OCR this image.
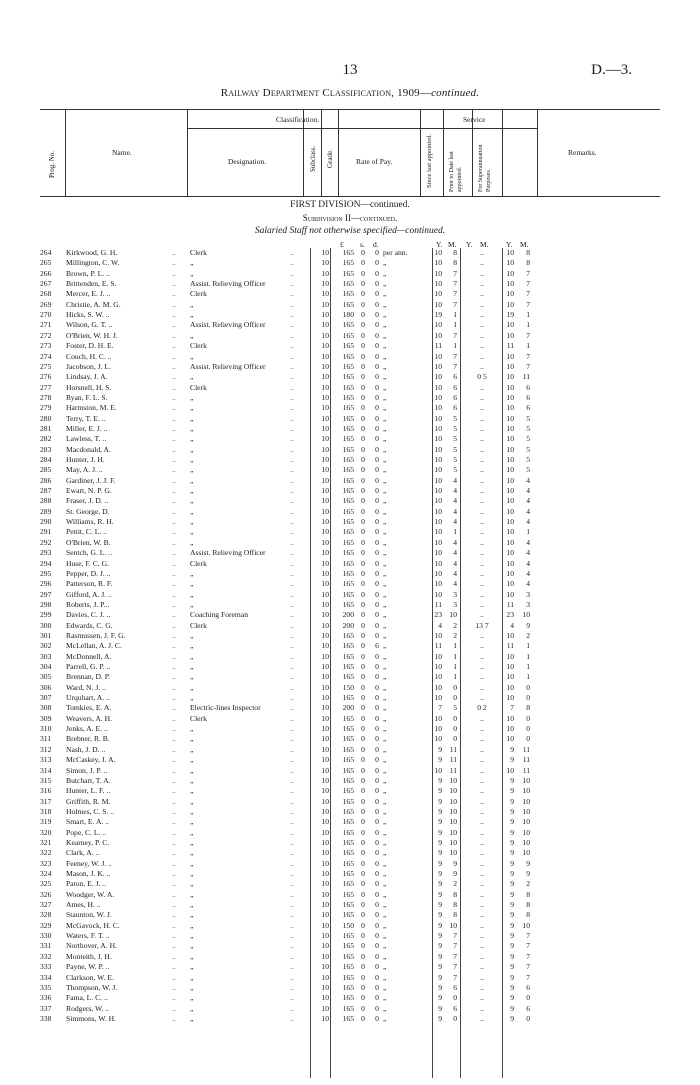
13	D.—3.
Railway Department Classification, 1909—continued.
Prog. No.	Name.
Classification.
Designation.	Subclass. Grade.	Rate of Pay.
Service
Since last appointed.	Prior to Date last appointed.	For Superannuation Purposes.
Remarks.
FIRST DIVISION—continued.
Subdivision II—continued.
Salaried Staff not otherwise specified—continued.
£ s. d.	Y. M. Y. M. Y. M.
264	Kirkwood, G. H.	Clerk	10	165 0	0 per ann.	10	8	..	10	8
..	..
265	Millington, C. W.	„	10	165 0	0 „	10	8	..	10	8
..	..
266	Brown, P. L. ..	„	10	165 0	0 „	10	7	..	10	7
..	..
267	Brittenden, E. S.	Assist. Relieving Officer	10	165 0	0 „	10	7	..	10	7
..	..
268	Mercer, E. J. ..	Clerk	10	165 0	0 „	10	7	..	10	7
..	..
269	Christie, A. M. G.	„	10	165 0	0 „	10	7	..	10	7
..	..
270	Hicks, S. W. ..	„	10	180 0	0 „	19	1	..	19	1
..	..
271	Wilson, G. T. ..	Assist. Relieving Officer	10	165 0	0 „	10	1	..	10	1
..	..
272	O'Brien, W. H. J.	„	10	165 0	0 „	10	7	..	10	7
..	..
273	Foster, D. H. E.	Clerk	10	165 0	0 „	11	1	..	11	1
..	..
274	Couch, H. C. ..	„	10	165 0	0 „	10	7	..	10	7
..	..
275	Jacobson, J. L.	Assist. Relieving Officer	10	165 0	0 „	10	7	..	10	7
..	..
276	Lindsay, J. A.	„	10	165 0	0 „	10	6	0 5	10	11
..	..
277	Horsnell, H. S.	Clerk	10	165 0	0 „	10	6	..	10	6
..	..
278	Ryan, F. L. S.	„	10	165 0	0 „	10	6	..	10	6
..	..
279	Harmston, M. E.	„	10	165 0	0 „	10	6	..	10	6
..	..
280	Terry, T. E. ..	„	10	165 0	0 „	10	5	..	10	5
..	..
281	Miller, E. J. ..	„	10	165 0	0 „	10	5	..	10	5
..	..
282	Lawless, T. ..	„	10	165 0	0 „	10	5	..	10	5
..	..
283	Macdonald, A.	„	10	165 0	0 „	10	5	..	10	5
..	..
284	Hunter, J. H.	„	10	165 0	0 „	10	5	..	10	5
..	..
285	May, A. J. ..	„	10	165 0	0 „	10	5	..	10	5
..	..
286	Gardiner, J. J. F.	„	10	165 0	0 „	10	4	..	10	4
..	..
287	Ewart, N. P. G.	„	10	165 0	0 „	10	4	..	10	4
..	..
288	Fraser, J. D. ..	„	10	165 0	0 „	10	4	..	10	4
..	..
289	St. George, D.	„	10	165 0	0 „	10	4	..	10	4
..	..
290	Williams, R. H.	„	10	165 0	0 „	10	4	..	10	4
..	..
291	Pettit, C. L. ..	„	10	165 0	0 „	10	1	..	10	1
..	..
292	O'Brien, W. B.	„	10	165 0	0 „	10	4	..	10	4
..	..
293	Sentch, G. L. ..	Assist. Relieving Officer	10	165 0	0 „	10	4	..	10	4
..	..
294	Huse, F. C. G.	Clerk	10	165 0	0 „	10	4	..	10	4
..	..
295	Pepper, D. J. ..	„	10	165 0	0 „	10	4	..	10	4
..	..
296	Patterson, R. F.	„	10	165 0	0 „	10	4	..	10	4
..	..
297	Gifford, A. J. ..	„	10	165 0	0 „	10	3	..	10	3
..	..
298	Roberts, J. P...	„	10	165 0	0 „	11	3	..	11	3
..	..
299	Davies, C. J. ..	Coaching Foreman	10	200 0	0 „	23 10	..	23	10
..	..
300	Edwards, C. G.	Clerk	10	200 0	0 „	4	2	13 7	4	9
..	..
301	Rasmussen, J. F. G.	„	10	165 0	0 „	10	2	..	10	2
..	..
302	McLellan, A. J. C.	„	10	165 0	6 „	11	1	..	11	1
..	..
303	McDonnell, A.	„	10	165 0	0 „	10	1	..	10	1
..	..
304	Parrell, G. P. ..	„	10	165 0	0 „	10	1	..	10	1
..	..
305	Brennan, D. P.	„	10	165 0	0 „	10	1	..	10	1
..	..
306	Ward, N. J. ..	„	10	150 0	0 „	10	0	..	10	0
..	..
307	Urquhart, A. ..	„	10	165 0	0 „	10	0	..	10	0
..	..
308	Tomkies, E. A.	Electric-lines Inspector	10	200 0	0 „	7	5	0 2	7	8
..	..
309	Weavers, A. H.	Clerk	10	165 0	0 „	10	0	..	10	0
..	..
310	Jenks, A. E. ..	„	10	165 0	0 „	10	0	..	10	0
..	..
311	Brebner, R. B.	„	10	165 0	0 „	10	0	..	10	0
..	..
312	Nash, J. D. ..	„	10	165 0	0 „	9	11	..	9	11
..	..
313	McCaskey, J. A.	„	10	165 0	0 „	9	11	..	9	11
..	..
314	Simon, J. P. ..	„	10	165 0	0 „	10	11	..	10	11
..	..
315	Butchart, T. A.	„	10	165 0	0 „	9 10	..	9	10
..	..
316	Hunter, L. F. ..	„	10	165 0	0 „	9 10	..	9	10
..	..
317	Griffith, R. M.	„	10	165 0	0 „	9 10	..	9	10
..	..
318	Holmes, C. S. ..	„	10	165 0	0 „	9 10	..	9	10
..	..
319	Smart, E. A. ..	„	10	165 0	0 „	9 10	..	9	10
..	..
320	Pope, C. L. ..	„	10	165 0	0 „	9 10	..	9	10
..	..
321	Kearney, P. C.	„	10	165 0	0 „	9 10	..	9	10
..	..
322	Clark, A. ..	„	10	165 0	0 „	9 10	..	9	10
..	..
323	Feeney, W. J. ..	„	10	165 0	0 „	9	9	..	9	9
..	..
324	Mason, J. K. ..	„	10	165 0	0 „	9	9	..	9	9
..	..
325	Paton, E. J. ..	„	10	165 0	0 „	9	2	..	9	2
..	..
326	Woodger, W. A.	„	10	165 0	0 „	9	8	..	9	8
..	..
327	Ames, H. ..	„	10	165 0	0 „	9	8	..	9	8
..	..
328	Staunton, W. J.	„	10	165 0	0 „	9	8	..	9	8
..	..
329	McGavock, H. C.	„	10	150 0	0 „	9 10	..	9	10
..	..
330	Waters, F. T. ..	„	10	165 0	0 „	9	7	..	9	7
..	..
331	Northover, A. H.	„	10	165 0	0 „	9	7	..	9	7
..	..
332	Monteith, J. H.	„	10	165 0	0 „	9	7	..	9	7
..	..
333	Payne, W. P. ..	„	10	165 0	0 „	9	7	..	9	7
..	..
334	Clarkson, W. E.	„	10	165 0	0 „	9	7	..	9	7
..	..
335	Thompson, W. J.	„	10	165 0	0 „	9	6	..	9	6
..	..
336	Fama, L. C. ..	„	10	165 0	0 „	9	0	..	9	0
..	..
337	Rodgers, W. ..	„	10	165 0	0 „	9	6	..	9	6
..	..
338	Simmons, W. H.	„	10	165 0	0 „	9	0	..	9	0
..	..
